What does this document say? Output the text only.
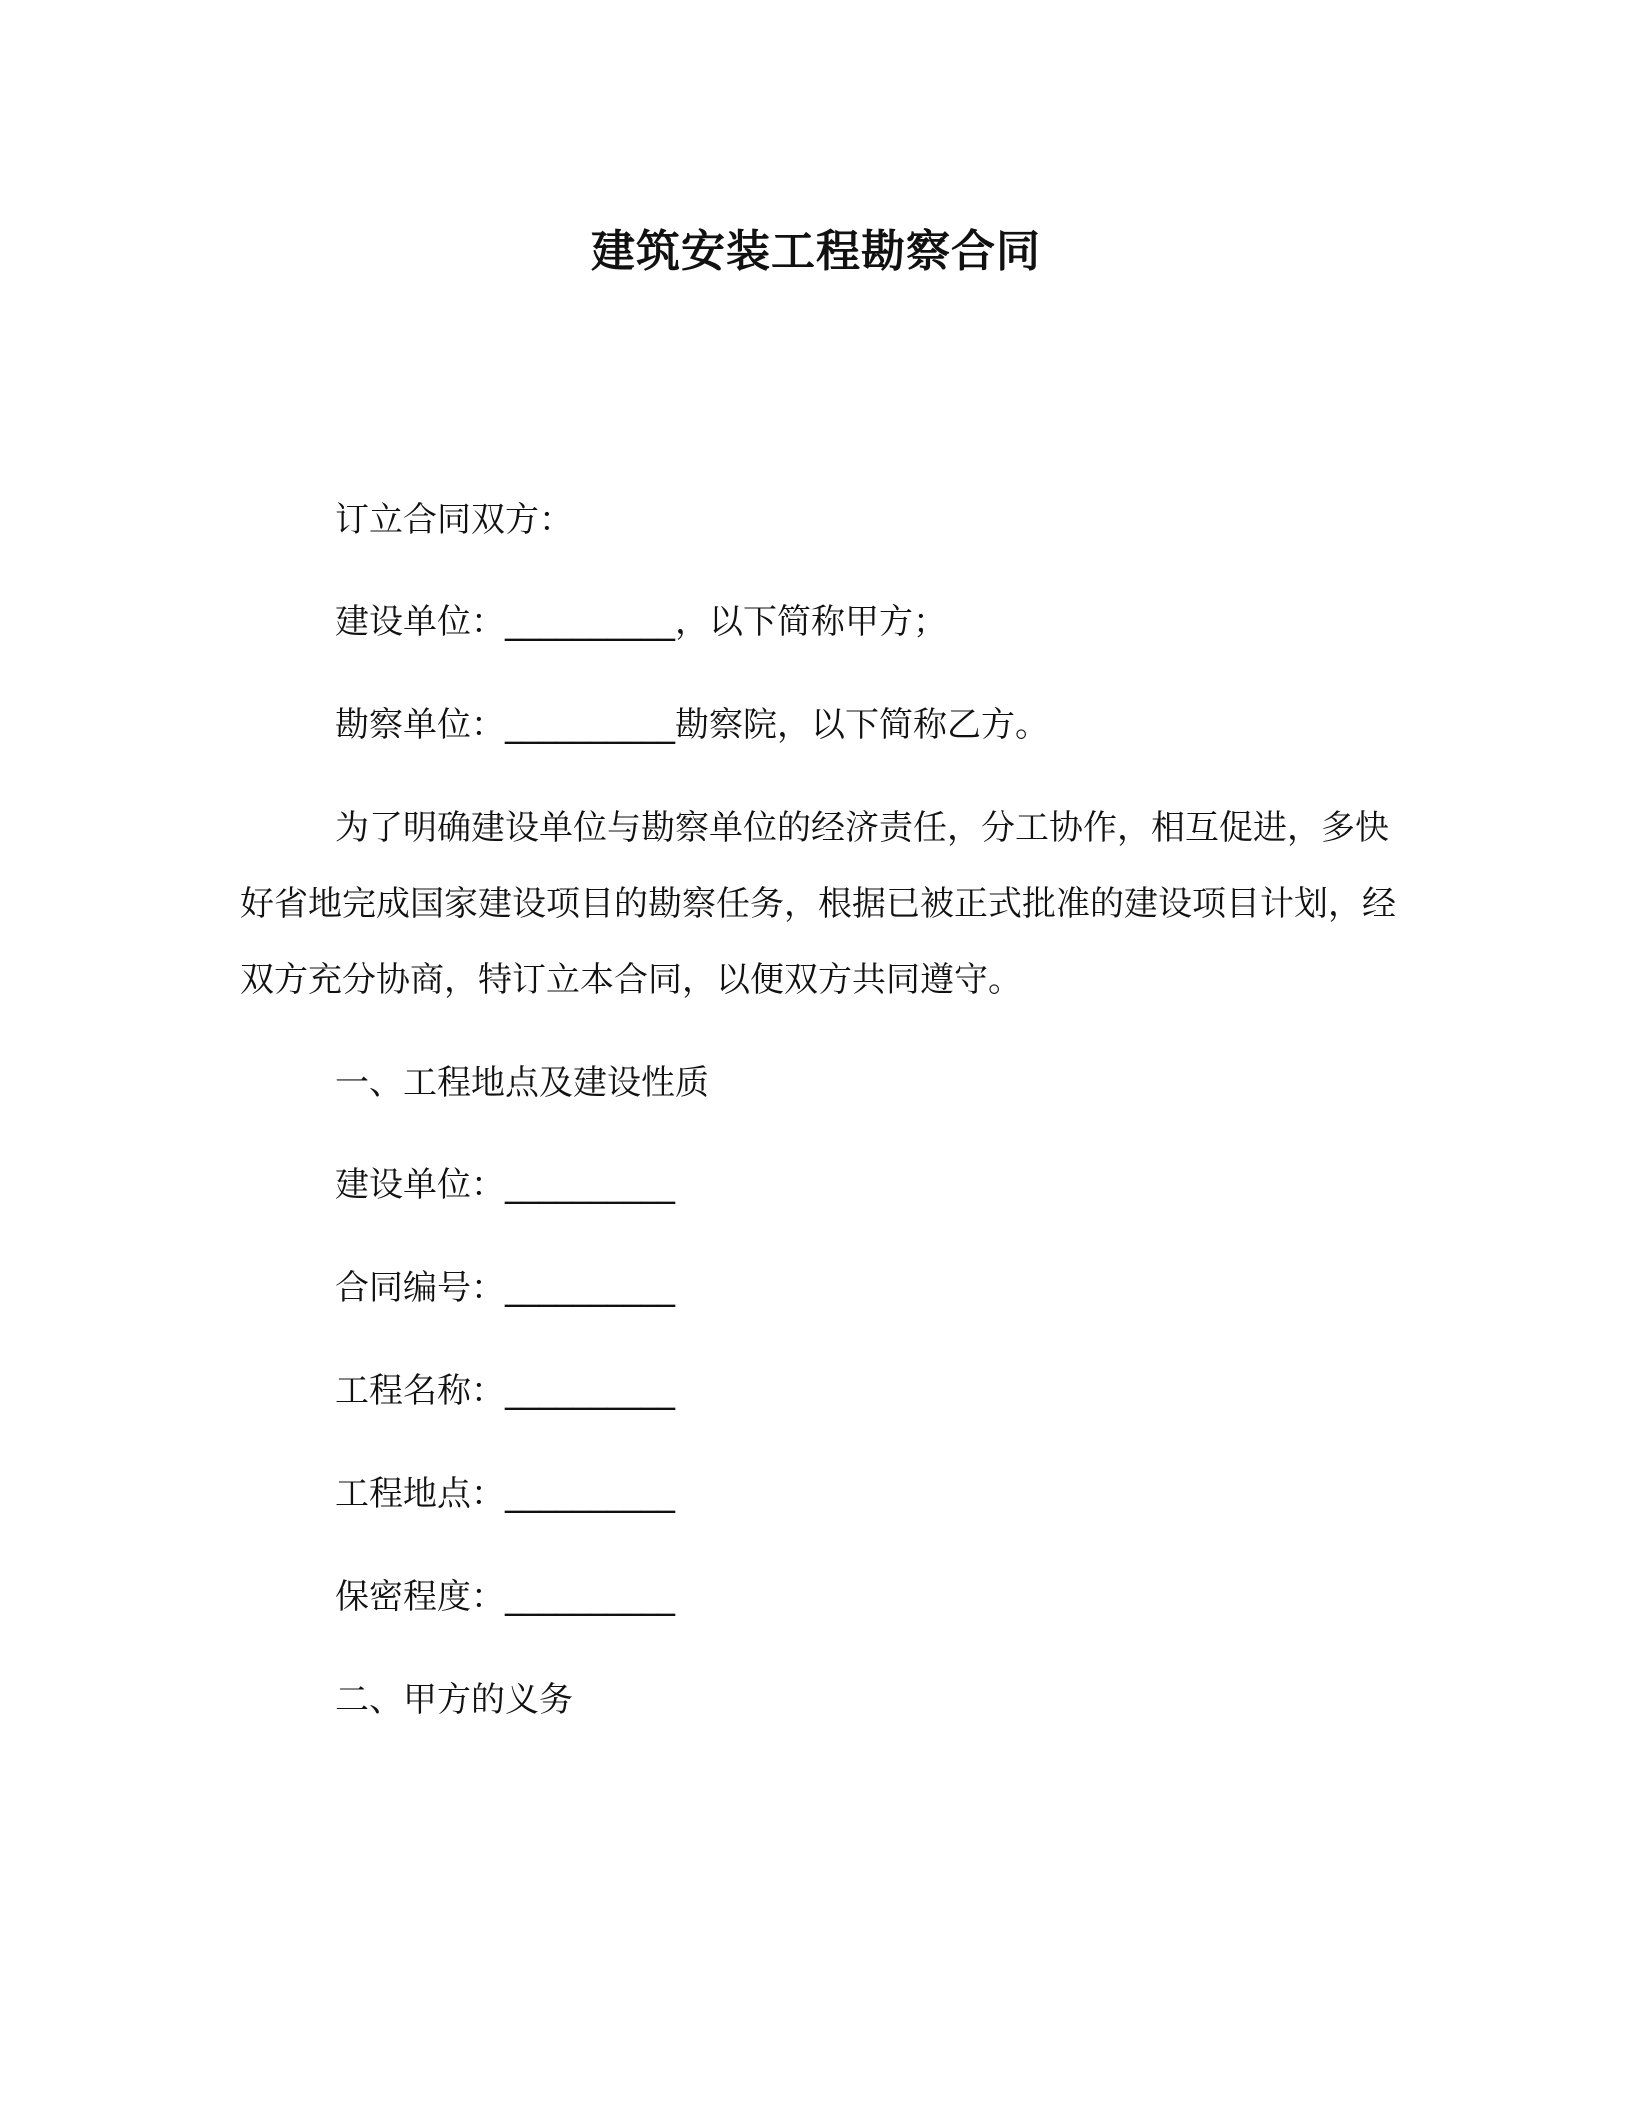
建筑安装工程勘察合同
订立合同双方：
建设单位：__________，以下简称甲方；
勘察单位：__________勘察院，以下简称乙方。

为了明确建设单位与勘察单位的经济责任，分工协作，相互促进，多快好省地完成国家建设项目的勘察任务，根据已被正式批准的建设项目计划，经双方充分协商，特订立本合同，以便双方共同遵守。

一、工程地点及建设性质
建设单位：__________
合同编号：__________
工程名称：__________
工程地点：__________
保密程度：__________
二、甲方的义务
